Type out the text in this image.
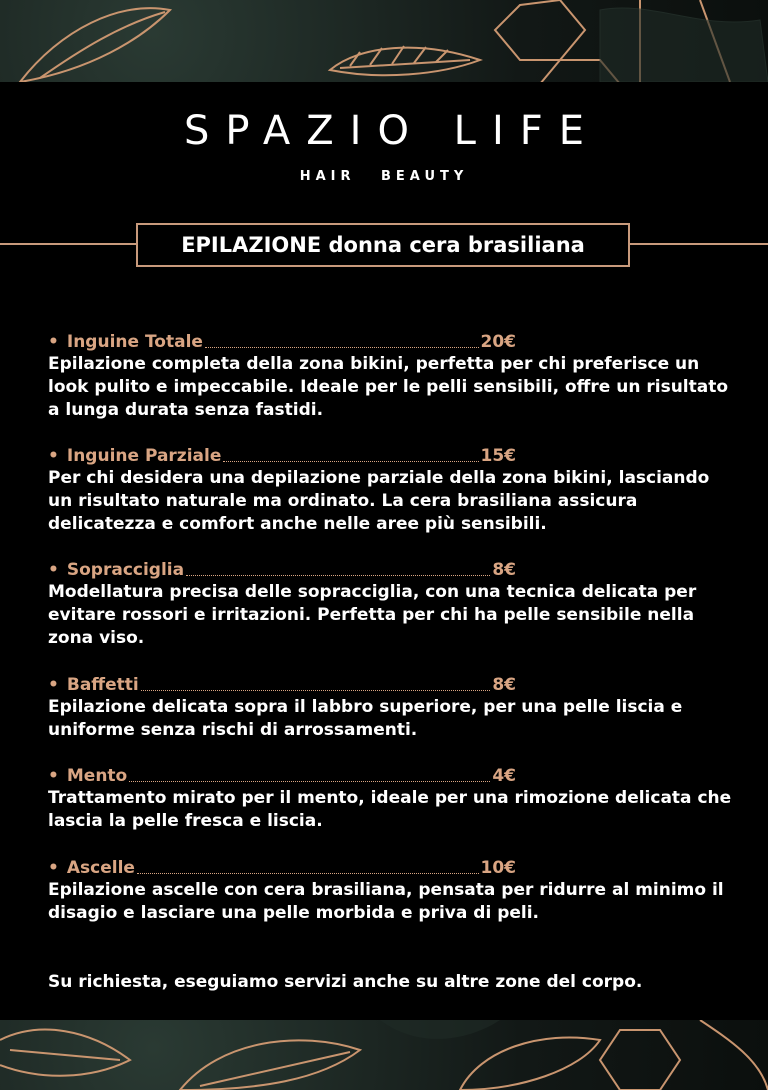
SPAZIO LIFE
HAIR BEAUTY
EPILAZIONE donna cera brasiliana
• Inguine Totale	20€

Epilazione completa della zona bikini, perfetta per chi preferisce un look pulito e impeccabile. Ideale per le pelli sensibili, offre un risultato a lunga durata senza fastidi.

• Inguine Parziale	15€

Per chi desidera una depilazione parziale della zona bikini, lasciando un risultato naturale ma ordinato. La cera brasiliana assicura delicatezza e comfort anche nelle aree più sensibili.

• Sopracciglia	8€

Modellatura precisa delle sopracciglia, con una tecnica delicata per evitare rossori e irritazioni. Perfetta per chi ha pelle sensibile nella zona viso.

• Baffetti	8€

Epilazione delicata sopra il labbro superiore, per una pelle liscia e uniforme senza rischi di arrossamenti.

• Mento	4€

Trattamento mirato per il mento, ideale per una rimozione delicata che lascia la pelle fresca e liscia.

• Ascelle	10€

Epilazione ascelle con cera brasiliana, pensata per ridurre al minimo il disagio e lasciare una pelle morbida e priva di peli.

Su richiesta, eseguiamo servizi anche su altre zone del corpo.
